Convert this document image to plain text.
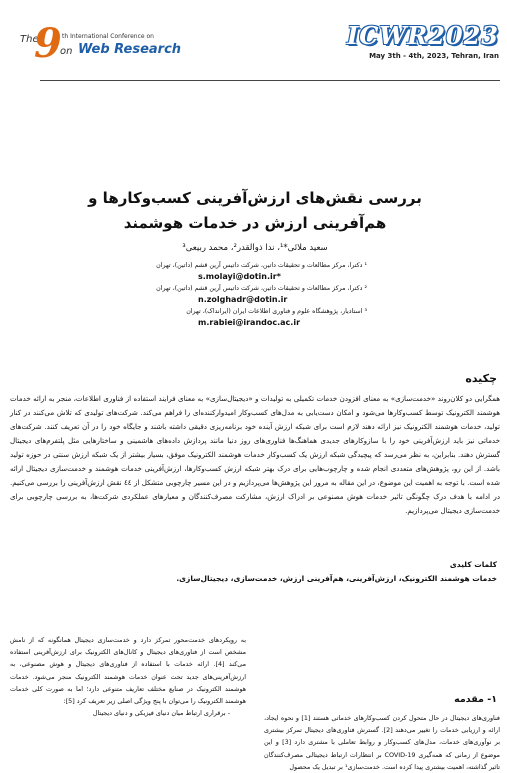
The
9 th International Conference on
on Web Research	ICWR2023
May 3th - 4th, 2023, Tehran, Iran
بررسی نقش‌های ارزش‌آفرینی کسب‌وکارها و هم‌آفرینی ارزش در خدمات هوشمند
سعید ملائی*¹، ندا ذوالقدر²، محمد ربیعی³
¹ دکترا، مرکز مطالعات و تحقیقات داتین، شرکت داتیس آرین قشم (داتین)، تهران
s.molayi@dotin.ir*
² دکترا، مرکز مطالعات و تحقیقات داتین، شرکت داتیس آرین قشم (داتین)، تهران
n.zolghadr@dotin.ir
³ استادیار، پژوهشگاه علوم و فناوری اطلاعات ایران (ایرانداک)، تهران
m.rabiei@irandoc.ac.ir
چکیده
همگرایی دو کلان‌روند «خدمت‌سازی» به معنای افزودن خدمات تکمیلی به تولیدات و «دیجیتال‌سازی» به معنای فرایند استفاده از فناوری اطلاعات، منجر به ارائه خدمات هوشمند الکترونیک توسط کسب‌وکارها می‌شود و امکان دست‌یابی به مدل‌های کسب‌وکار امیدوارکننده‌ای را فراهم می‌کند. شرکت‌های تولیدی که تلاش می‌کنند در کنار تولید، خدمات هوشمند الکترونیک نیز ارائه دهند لازم است برای شبکه ارزش آینده خود برنامه‌ریزی دقیقی داشته باشند و جایگاه خود را در آن تعریف کنند. شرکت‌های خدماتی نیز باید ارزش‌آفرینی خود را با سازوکارهای جدیدی هماهنگ‌ها فناوری‌های روز دنیا مانند پردازش داده‌های هاشمینی و ساختارهایی مثل پلتفرم‌های دیجیتال گسترش دهند. بنابراین، به نظر می‌رسد که پیچیدگی شبکه ارزش یک کسب‌وکار خدمات هوشمند الکترونیک موفق، بسیار بیشتر از یک شبکه ارزش سنتی در حوزه تولید باشد. از این رو، پژوهش‌های متعددی انجام شده و چارچوب‌هایی برای درک بهتر شبکه ارزش کسب‌وکارها، ارزش‌آفرینی خدمات هوشمند و خدمت‌سازی دیجیتال ارائه شده است. با توجه به اهمیت این موضوع، در این مقاله به مرور این پژوهش‌ها می‌پردازیم و در این مسیر چارچوبی متشکل از ٤٤ نقش ارزش‌آفرینی را بررسی می‌کنیم. در ادامه با هدف درک چگونگی تاثیر خدمات هوش مصنوعی بر ادراک ارزش، مشارکت مصرف‌کنندگان و معیارهای عملکردی شرکت‌ها، به بررسی چارچوبی برای خدمت‌سازی دیجیتال می‌پردازیم.
کلمات کلیدی
خدمات هوشمند الکترونیک، ارزش‌آفرینی، هم‌آفرینی ارزش، خدمت‌سازی، دیجیتال‌سازی.
۱- مقدمه
فناوری‌های دیجیتال در حال متحول کردن کسب‌وکارهای خدماتی هستند [1] و نحوه ایجاد، ارائه و ارزیابی خدمات را تغییر می‌دهند [2]. گسترش فناوری‌های دیجیتال تمرکز بیشتری بر نوآوری‌های خدمات، مدل‌های کسب‌وکار و روابط تعاملی با مشتری دارد [3] و این موضوع از زمانی که همه‌گیری COVID-19 بر انتظارات ارتباط دیجیتالی مصرف‌کنندگان تاثیر گذاشته، اهمیت بیشتری پیدا کرده است. خدمت‌سازی¹ بر تبدیل یک محصول
به رویکردهای خدمت‌محور تمرکز دارد و خدمت‌سازی دیجیتال همانگونه که از نامش مشخص است از فناوری‌های دیجیتال و کانال‌های الکترونیک برای ارزش‌آفرینی استفاده می‌کند [4]. ارائه خدمات با استفاده از فناوری‌های دیجیتال و هوش مصنوعی، به ارزش‌آفرینی‌های جدید تحت عنوان خدمات هوشمند الکترونیک منجر می‌شود. خدمات هوشمند الکترونیک در صنایع مختلف تعاریف متنوعی دارد؛ اما به صورت کلی خدمات هوشمند الکترونیک را می‌توان با پنج ویژگی اصلی زیر تعریف کرد [5]:
- برقراری ارتباط میان دنیای فیزیکی و دنیای دیجیتال
